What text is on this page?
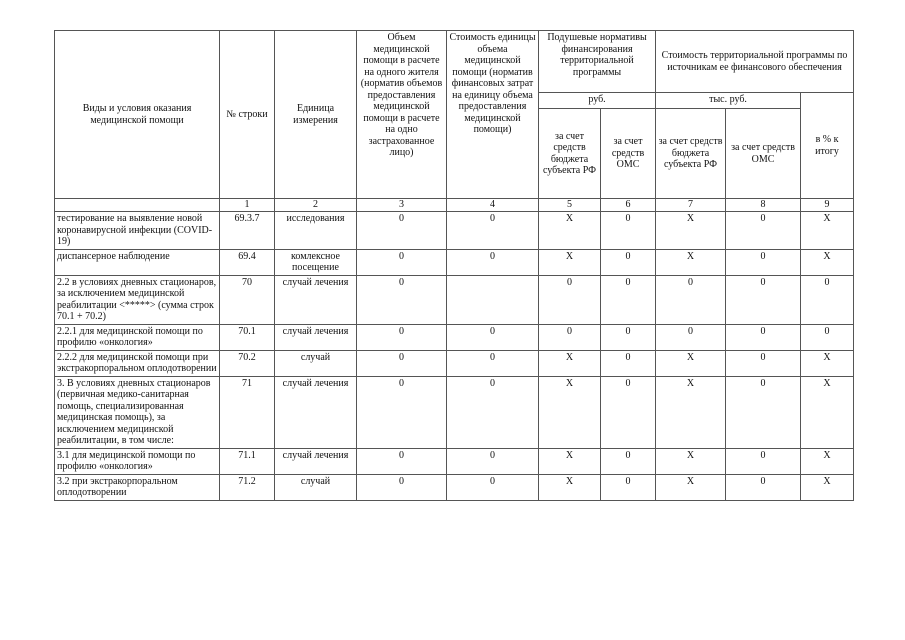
Виды и условия оказания медицинской помощи	№ строки	Единица измерения	Объем медицинской помощи в расчете на одного жителя (норматив объемов предоставления медицинской помощи в расчете на одно застрахованное лицо)	Стоимость единицы объема медицинской помощи (норматив финансовых затрат на единицу объема предоставления медицинской помощи)	Подушевые нормативы финансирования территориальной программы		Стоимость территориальной программы по источникам ее финансового обеспечения		
					руб.		тыс. руб.		в % к итогу
					за счет средств бюджета субъекта РФ	за счет средств ОМС	за счет средств бюджета субъекта РФ	за счет средств ОМС	
	1	2	3	4	5	6	7	8	9
тестирование на выявление новой коронавирусной инфекции (COVID-19)	69.3.7	исследования	0	0	X	0	X	0	X
диспансерное наблюдение	69.4	комлексное посещение	0	0	X	0	X	0	X
2.2 в условиях дневных стационаров, за исключением медицинской реабилитации <*****> (сумма строк 70.1 + 70.2)	70	случай лечения	0		0	0	0	0	0
2.2.1 для медицинской помощи по профилю «онкология»	70.1	случай лечения	0	0	0	0	0	0	0
2.2.2 для медицинской помощи при экстракорпоральном оплодотворении	70.2	случай	0	0	X	0	X	0	X
3. В условиях дневных стационаров (первичная медико-санитарная помощь, специализированная медицинская помощь), за исключением медицинской реабилитации, в том числе:	71	случай лечения	0	0	X	0	X	0	X
3.1 для медицинской помощи по профилю «онкология»	71.1	случай лечения	0	0	X	0	X	0	X
3.2 при экстракорпоральном оплодотворении	71.2	случай	0	0	X	0	X	0	X
